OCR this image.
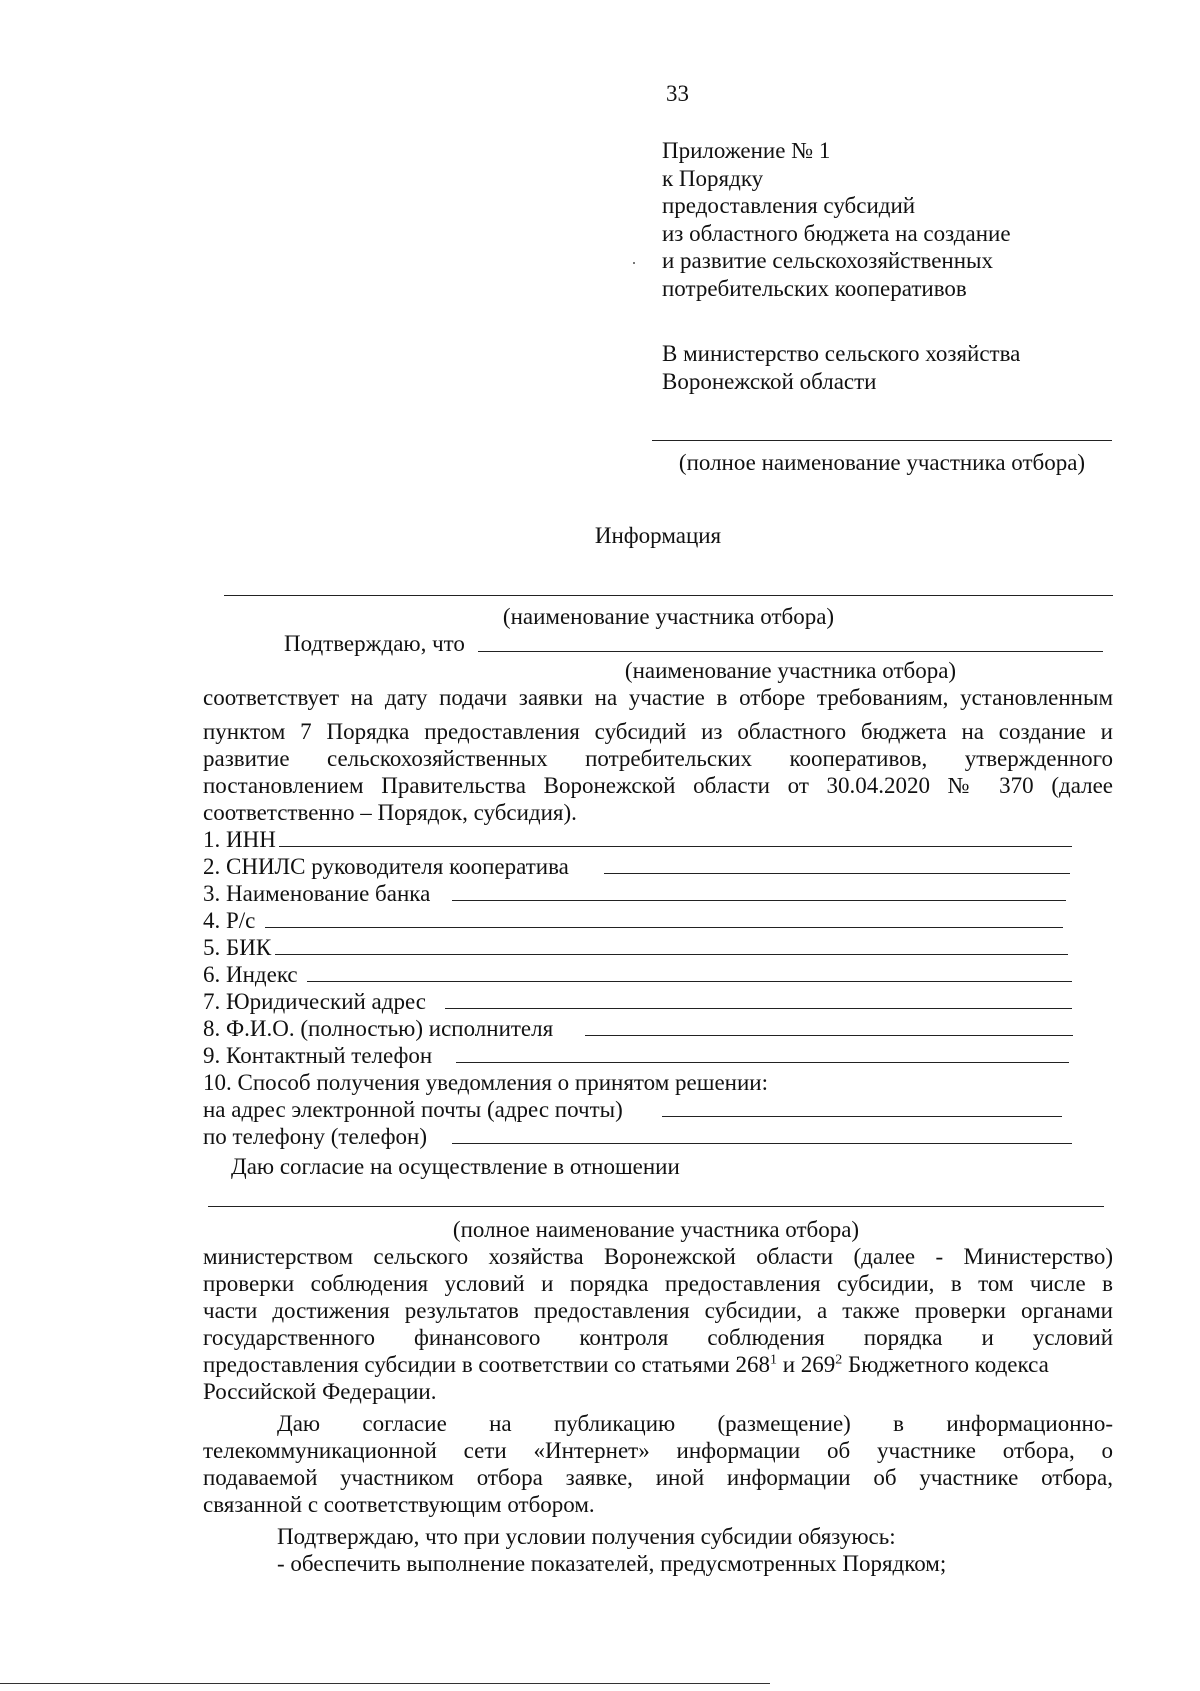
33
Приложение № 1
к Порядку
предоставления субсидий
из областного бюджета на создание
и развитие сельскохозяйственных
потребительских кооперативов
В министерство сельского хозяйства
Воронежской области
(полное наименование участника отбора)
Информация
(наименование участника отбора)
Подтверждаю, что
(наименование участника отбора)
соответствует на дату подачи заявки на участие в отборе требованиям, установленным
пунктом 7 Порядка предоставления субсидий из областного бюджета на создание и
развитие сельскохозяйственных потребительских кооперативов, утвержденного
постановлением Правительства Воронежской области от 30.04.2020 № 370 (далее
соответственно – Порядок, субсидия).
1. ИНН
2. СНИЛС руководителя кооператива
3. Наименование банка
4. Р/с
5. БИК
6. Индекс
7. Юридический адрес
8. Ф.И.О. (полностью) исполнителя
9. Контактный телефон
10. Способ получения уведомления о принятом решении:
на адрес электронной почты (адрес почты)
по телефону (телефон)
Даю согласие на осуществление в отношении
(полное наименование участника отбора)
министерством сельского хозяйства Воронежской области (далее - Министерство)
проверки соблюдения условий и порядка предоставления субсидии, в том числе в
части достижения результатов предоставления субсидии, а также проверки органами
государственного финансового контроля соблюдения порядка и условий
предоставления субсидии в соответствии со статьями $268^1$ и $269^2$ Бюджетного кодекса
Российской Федерации.
Даю согласие на публикацию (размещение) в информационно-
телекоммуникационной сети «Интернет» информации об участнике отбора, о
подаваемой участником отбора заявке, иной информации об участнике отбора,
связанной с соответствующим отбором.
Подтверждаю, что при условии получения субсидии обязуюсь:
- обеспечить выполнение показателей, предусмотренных Порядком;
